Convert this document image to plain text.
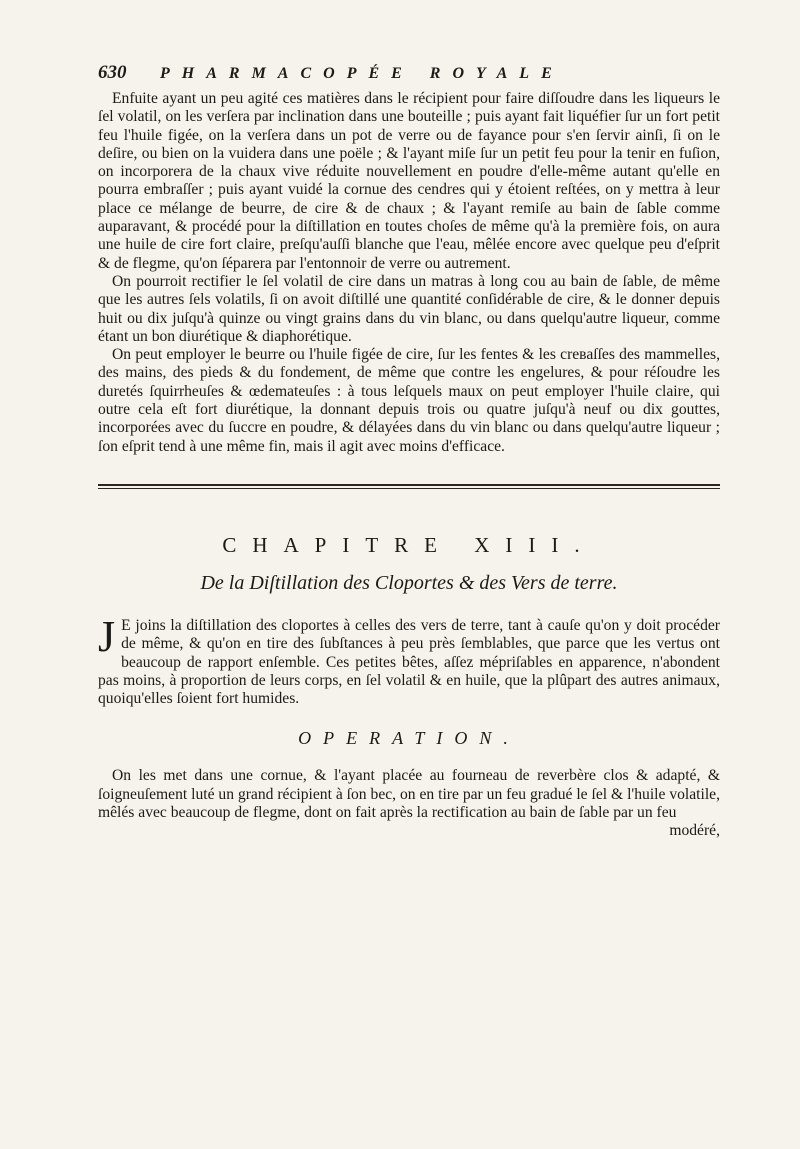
630	PHARMACOPÉE ROYALE

Enfuite ayant un peu agité ces matières dans le récipient pour faire diſſoudre dans les liqueurs le ſel volatil, on les verſera par inclination dans une bouteille ; puis ayant fait liquéfier ſur un fort petit feu l'huile figée, on la verſera dans un pot de verre ou de fayance pour s'en ſervir ainſi, ſi on le deſire, ou bien on la vuidera dans une poële ; & l'ayant miſe ſur un petit feu pour la tenir en fuſion, on incorporera de la chaux vive réduite nouvellement en poudre d'elle-même autant qu'elle en pourra embraſſer ; puis ayant vuidé la cornue des cendres qui y étoient reſtées, on y mettra à leur place ce mélange de beurre, de cire & de chaux ; & l'ayant remiſe au bain de ſable comme auparavant, & procédé pour la diſtillation en toutes choſes de même qu'à la première fois, on aura une huile de cire fort claire, preſqu'auſſi blanche que l'eau, mêlée encore avec quelque peu d'eſprit & de flegme, qu'on ſéparera par l'entonnoir de verre ou autrement.

On pourroit rectifier le ſel volatil de cire dans un matras à long cou au bain de ſable, de même que les autres ſels volatils, ſi on avoit diſtillé une quantité conſidérable de cire, & le donner depuis huit ou dix juſqu'à quinze ou vingt grains dans du vin blanc, ou dans quelqu'autre liqueur, comme étant un bon diurétique & diaphorétique.

On peut employer le beurre ou l'huile figée de cire, ſur les fentes & les creваſſes des mammelles, des mains, des pieds & du fondement, de même que contre les engelures, & pour réſoudre les duretés ſquirrheuſes & œdemateuſes : à tous leſquels maux on peut employer l'huile claire, qui outre cela eſt fort diurétique, la donnant depuis trois ou quatre juſqu'à neuf ou dix gouttes, incorporées avec du ſuccre en poudre, & délayées dans du vin blanc ou dans quelqu'autre liqueur ; ſon eſprit tend à une même fin, mais il agit avec moins d'efficace.

CHAPITRE XIII.
De la Diſtillation des Cloportes & des Vers de terre.

J E joins la diſtillation des cloportes à celles des vers de terre, tant à cauſe qu'on y doit procéder de même, & qu'on en tire des ſubſtances à peu près ſemblables, que parce que les vertus ont beaucoup de rapport enſemble. Ces petites bêtes, aſſez mépriſables en apparence, n'abondent pas moins, à proportion de leurs corps, en ſel volatil & en huile, que la plûpart des autres animaux, quoiqu'elles ſoient fort humides.

OPERATION.

On les met dans une cornue, & l'ayant placée au fourneau de reverbère clos & adapté, & ſoigneuſement luté un grand récipient à ſon bec, on en tire par un feu gradué le ſel & l'huile volatile, mêlés avec beaucoup de flegme, dont on fait après la rectification au bain de ſable par un feu

modéré,
